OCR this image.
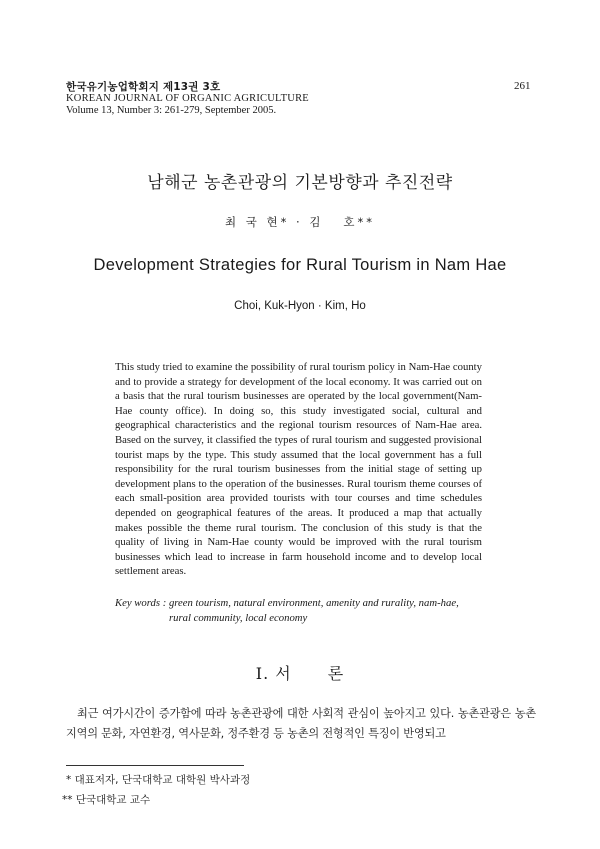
한국유기농업학회지 제13권 3호
KOREAN JOURNAL OF ORGANIC AGRICULTURE
Volume 13, Number 3: 261-279, September 2005.
261
남해군 농촌관광의 기본방향과 추진전략
최 국 현* · 김   호**
Development Strategies for Rural Tourism in Nam Hae
Choi, Kuk-Hyon · Kim, Ho
This study tried to examine the possibility of rural tourism policy in Nam-Hae county and to provide a strategy for development of the local economy. It was carried out on a basis that the rural tourism businesses are operated by the local government(Nam-Hae county office). In doing so, this study investigated social, cultural and geographical characteristics and the regional tourism resources of Nam-Hae area. Based on the survey, it classified the types of rural tourism and suggested provisional tourist maps by the type. This study assumed that the local government has a full responsibility for the rural tourism businesses from the initial stage of setting up development plans to the operation of the businesses. Rural tourism theme courses of each small-position area provided tourists with tour courses and time schedules depended on geographical features of the areas. It produced a map that actually makes possible the theme rural tourism. The conclusion of this study is that the quality of living in Nam-Hae county would be improved with the rural tourism businesses which lead to increase in farm household income and to develop local settlement areas.
Key words : green tourism, natural environment, amenity and rurality, nam-hae, rural community, local economy
Ⅰ. 서 론
최근 여가시간이 증가함에 따라 농촌관광에 대한 사회적 관심이 높아지고 있다. 농촌관광은 농촌지역의 문화, 자연환경, 역사문화, 정주환경 등 농촌의 전형적인 특징이 반영되고
* 대표저자, 단국대학교 대학원 박사과정
** 단국대학교 교수
